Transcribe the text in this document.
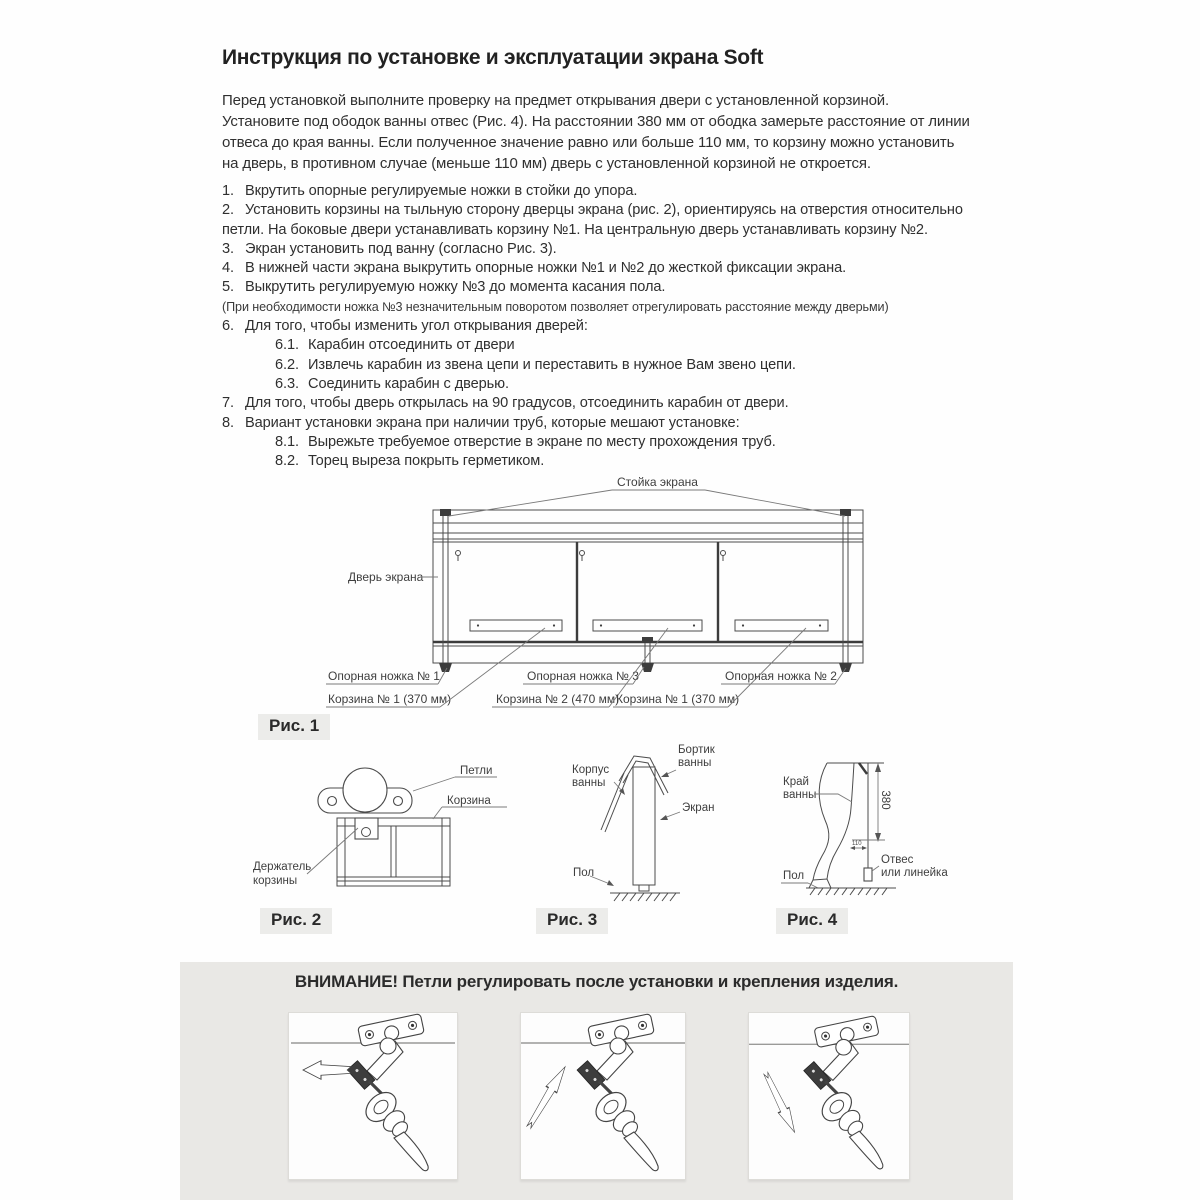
Инструкция по установке и эксплуатации экрана Soft
Перед установкой выполните проверку на предмет открывания двери с установленной корзиной.
Установите под ободок ванны отвес (Рис. 4). На расстоянии 380 мм от ободка замерьте расстояние от линии
отвеса до края ванны. Если полученное значение равно или больше 110 мм, то корзину можно установить
на дверь, в противном случае (меньше 110 мм) дверь с установленной корзиной не откроется.
1. Вкрутить опорные регулируемые ножки в стойки до упора.
2. Установить корзины на тыльную сторону дверцы экрана (рис. 2), ориентируясь на отверстия относительно
петли. На боковые двери устанавливать корзину №1. На центральную дверь устанавливать корзину №2.
3. Экран установить под ванну (согласно Рис. 3).
4. В нижней части экрана выкрутить опорные ножки №1 и №2 до жесткой фиксации экрана.
5. Выкрутить регулируемую ножку №3 до момента касания пола.
(При необходимости ножка №3 незначительным поворотом позволяет отрегулировать расстояние между дверьми)
6. Для того, чтобы изменить угол открывания дверей:
6.1. Карабин отсоединить от двери
6.2. Извлечь карабин из звена цепи и переставить в нужное Вам звено цепи.
6.3. Соединить карабин с дверью.
7. Для того, чтобы дверь открылась на 90 градусов, отсоединить карабин от двери.
8. Вариант установки экрана при наличии труб, которые мешают установке:
8.1. Вырежьте требуемое отверстие в экране по месту прохождения труб.
8.2. Торец выреза покрыть герметиком.
Стойка экрана
Дверь экрана
Опорная ножка № 1	Опорная ножка № 3	Опорная ножка № 2
Корзина № 1 (370 мм)	Корзина № 2 (470 мм)
Корзина № 1 (370 мм)
Рис. 1
Петли
Корзина
Держатель
корзины
Рис. 2
Корпус
ванны
Бортик
ванны
Экран
Пол
Рис. 3
380
110
Край
ванны
Отвес
или линейка
Пол
Рис. 4
ВНИМАНИЕ! Петли регулировать после установки и крепления изделия.
